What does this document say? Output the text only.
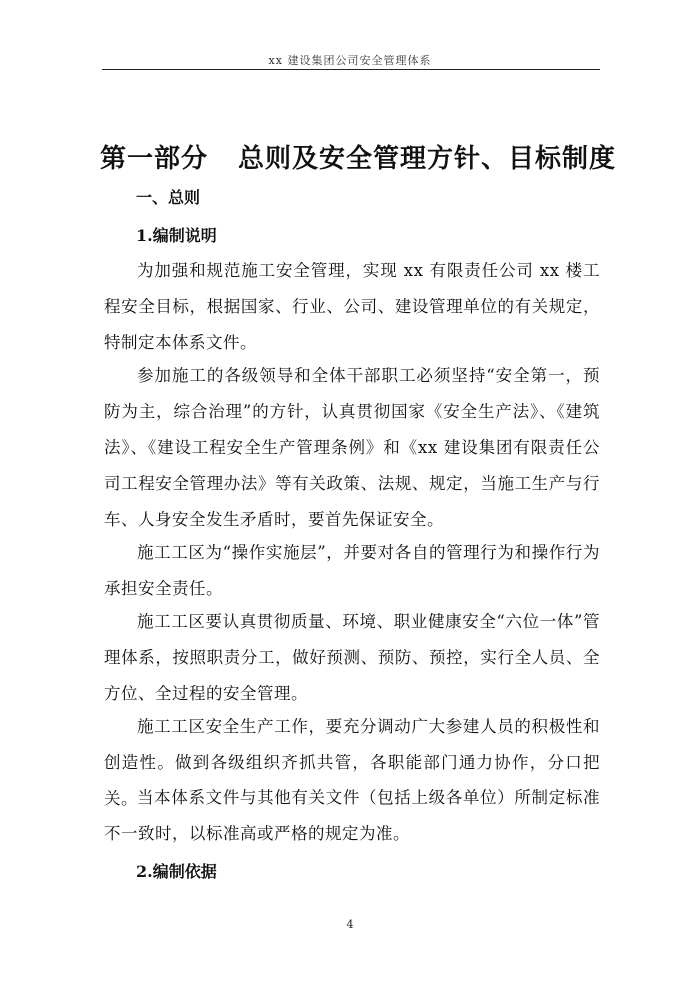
xx 建设集团公司安全管理体系
第一部分 总则及安全管理方针、目标制度
一、总则
1.编制说明
为加强和规范施工安全管理，实现 xx 有限责任公司 xx 楼工程安全目标，根据国家、行业、公司、建设管理单位的有关规定，特制定本体系文件。
参加施工的各级领导和全体干部职工必须坚持“安全第一，预防为主，综合治理”的方针，认真贯彻国家《安全生产法》、《建筑法》、《建设工程安全生产管理条例》和《xx 建设集团有限责任公司工程安全管理办法》等有关政策、法规、规定，当施工生产与行车、人身安全发生矛盾时，要首先保证安全。
施工工区为“操作实施层”，并要对各自的管理行为和操作行为承担安全责任。
施工工区要认真贯彻质量、环境、职业健康安全“六位一体”管理体系，按照职责分工，做好预测、预防、预控，实行全人员、全方位、全过程的安全管理。
施工工区安全生产工作，要充分调动广大参建人员的积极性和创造性。做到各级组织齐抓共管，各职能部门通力协作，分口把关。 当本体系文件与其他有关文件（包括上级各单位）所制定标准不一致时，以标准高或严格的规定为准。
2.编制依据
4
